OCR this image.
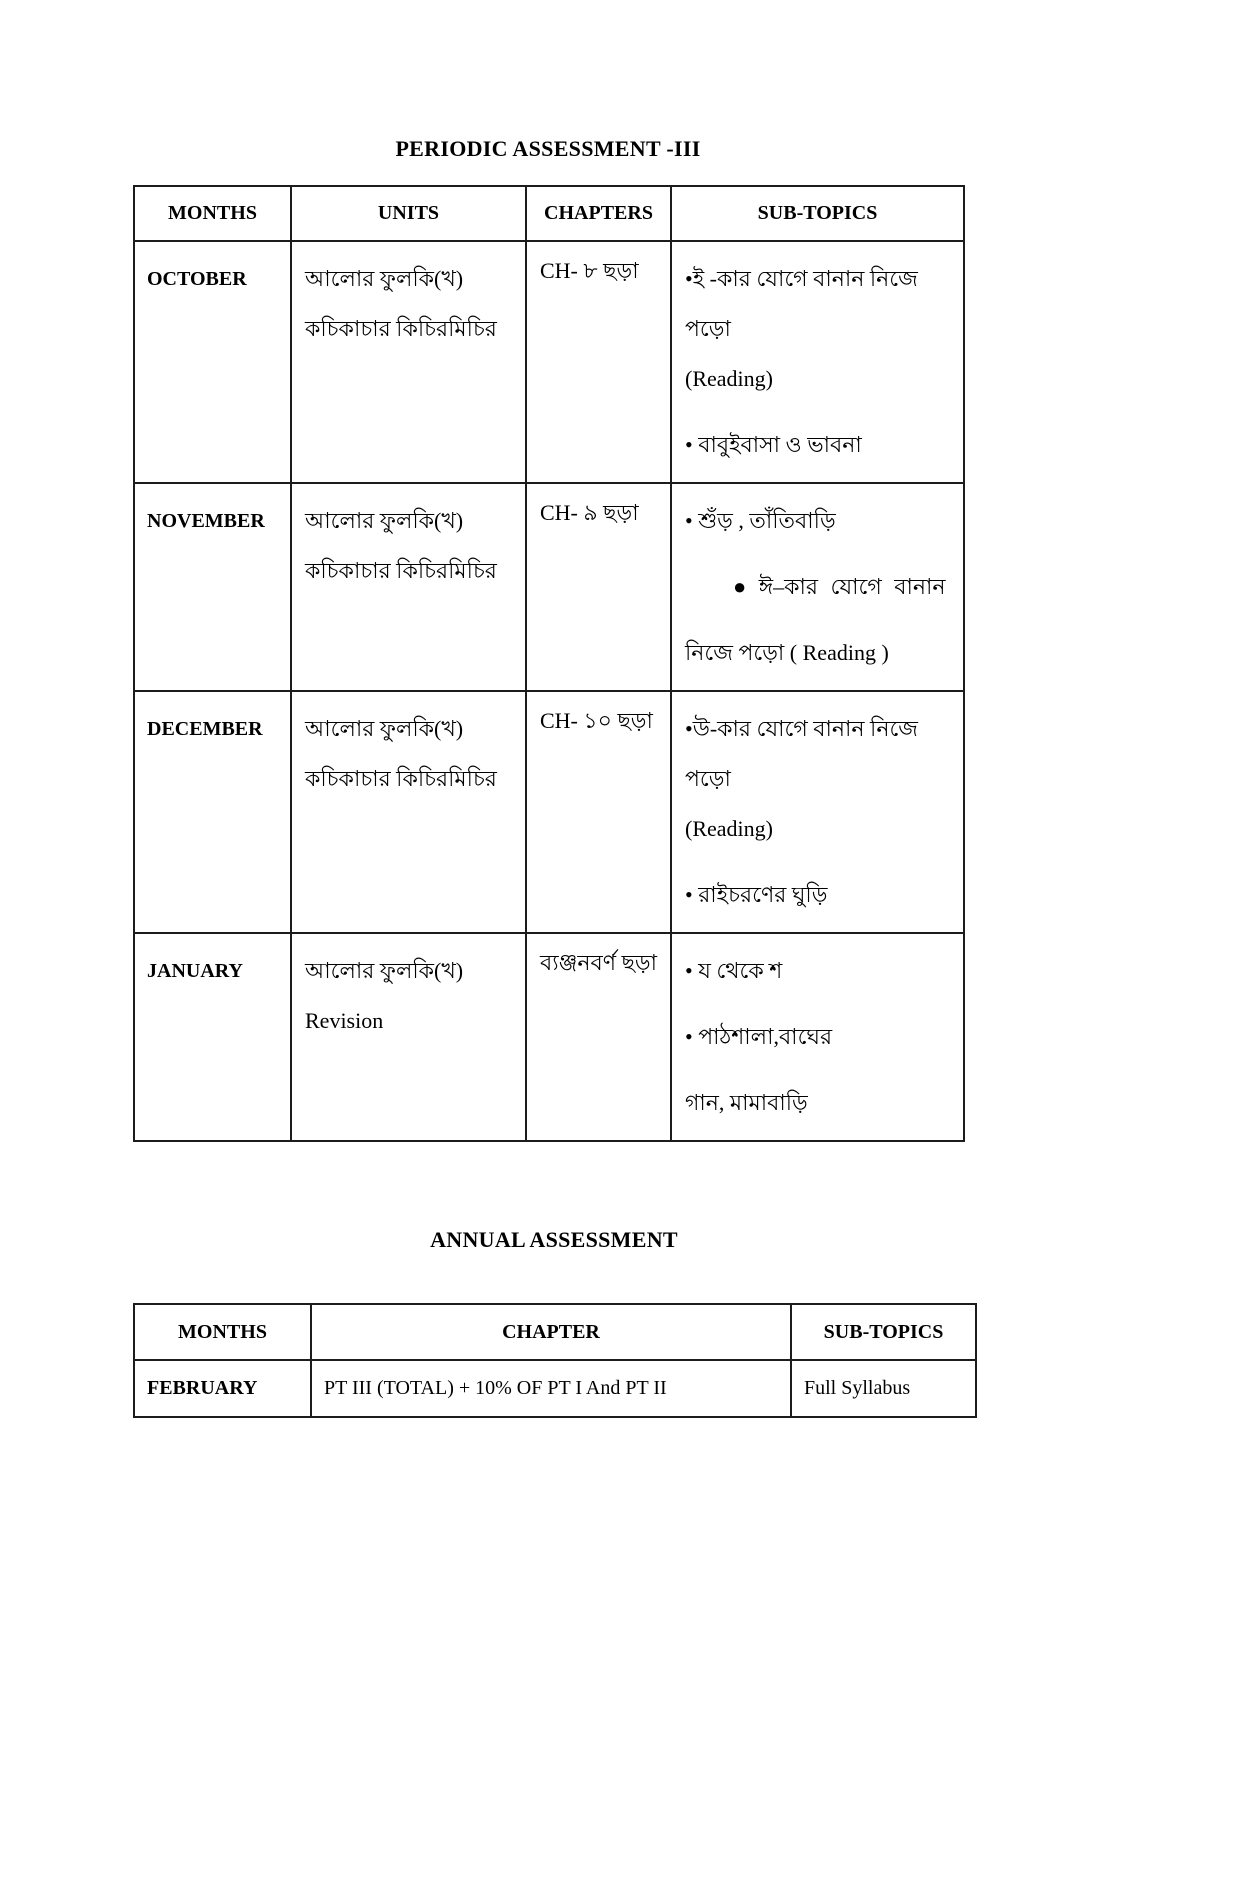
PERIODIC ASSESSMENT -III
MONTHS	UNITS	CHAPTERS	SUB-TOPICS
OCTOBER	আলোর ফুলকি(খ)
কচিকাচার কিচিরমিচির
	CH- ৮ ছড়া	•ই -কার যোগে বানান নিজে পড়ো
(Reading)
• বাবুইবাসা ও ভাবনা

NOVEMBER	আলোর ফুলকি(খ)
কচিকাচার কিচিরমিচির
	CH- ৯ ছড়া	• শুঁড় , তাঁতিবাড়ি
● ঈ–কার যোগে বানান
নিজে পড়ো ( Reading )

DECEMBER	আলোর ফুলকি(খ)
কচিকাচার কিচিরমিচির
	CH- ১০ ছড়া	•উ-কার যোগে বানান নিজে পড়ো
(Reading)
• রাইচরণের ঘুড়ি

JANUARY	আলোর ফুলকি(খ)
Revision
	ব্যঞ্জনবর্ণ ছড়া	• য থেকে শ
• পাঠশালা,বাঘের
গান, মামাবাড়ি
ANNUAL ASSESSMENT
MONTHS	CHAPTER	SUB-TOPICS
FEBRUARY	PT III (TOTAL) + 10% OF PT I And PT II	Full Syllabus
